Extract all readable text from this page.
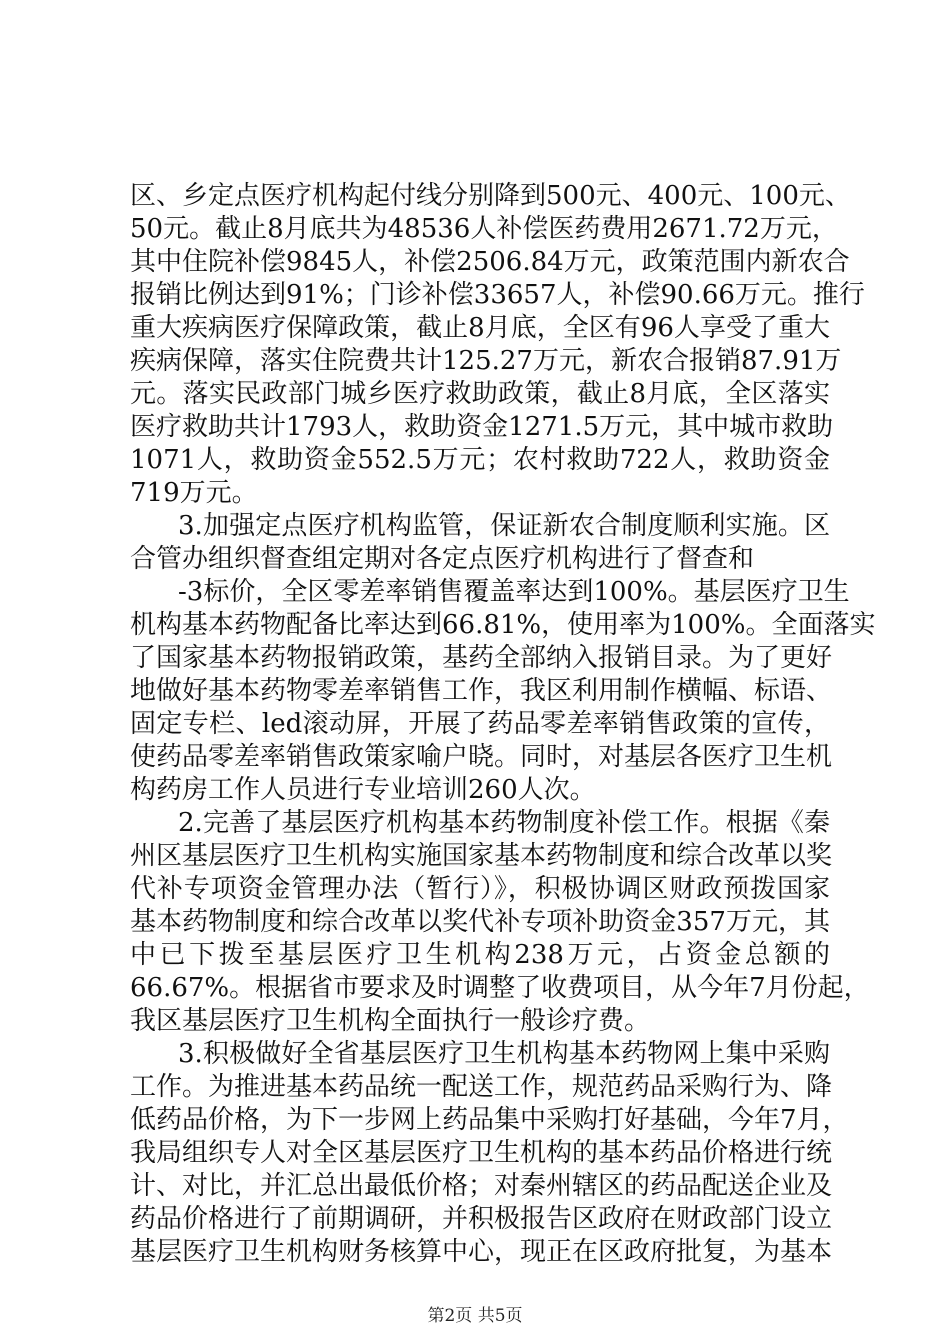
区、乡定点医疗机构起付线分别降到500元、400元、100元、
50元。截止8月底共为48536人补偿医药费用2671.72万元，
其中住院补偿9845人，补偿2506.84万元，政策范围内新农合
报销比例达到91%；门诊补偿33657人，补偿90.66万元。推行
重大疾病医疗保障政策，截止8月底，全区有96人享受了重大
疾病保障，落实住院费共计125.27万元，新农合报销87.91万
元。落实民政部门城乡医疗救助政策，截止8月底，全区落实
医疗救助共计1793人，救助资金1271.5万元，其中城市救助
1071人，救助资金552.5万元；农村救助722人，救助资金
719万元。
3.加强定点医疗机构监管，保证新农合制度顺利实施。区
合管办组织督查组定期对各定点医疗机构进行了督查和
-3标价，全区零差率销售覆盖率达到100%。基层医疗卫生
机构基本药物配备比率达到66.81%，使用率为100%。全面落实
了国家基本药物报销政策，基药全部纳入报销目录。为了更好
地做好基本药物零差率销售工作，我区利用制作横幅、标语、
固定专栏、led滚动屏，开展了药品零差率销售政策的宣传，
使药品零差率销售政策家喻户晓。同时，对基层各医疗卫生机
构药房工作人员进行专业培训260人次。
2.完善了基层医疗机构基本药物制度补偿工作。根据《秦
州区基层医疗卫生机构实施国家基本药物制度和综合改革以奖
代补专项资金管理办法（暂行）》，积极协调区财政预拨国家
基本药物制度和综合改革以奖代补专项补助资金357万元，其
中已下拨至基层医疗卫生机构238万元，占资金总额的
66.67%。根据省市要求及时调整了收费项目，从今年7月份起，
我区基层医疗卫生机构全面执行一般诊疗费。
3.积极做好全省基层医疗卫生机构基本药物网上集中采购
工作。为推进基本药品统一配送工作，规范药品采购行为、降
低药品价格，为下一步网上药品集中采购打好基础，今年7月，
我局组织专人对全区基层医疗卫生机构的基本药品价格进行统
计、对比，并汇总出最低价格；对秦州辖区的药品配送企业及
药品价格进行了前期调研，并积极报告区政府在财政部门设立
基层医疗卫生机构财务核算中心，现正在区政府批复，为基本
第2页 共5页
